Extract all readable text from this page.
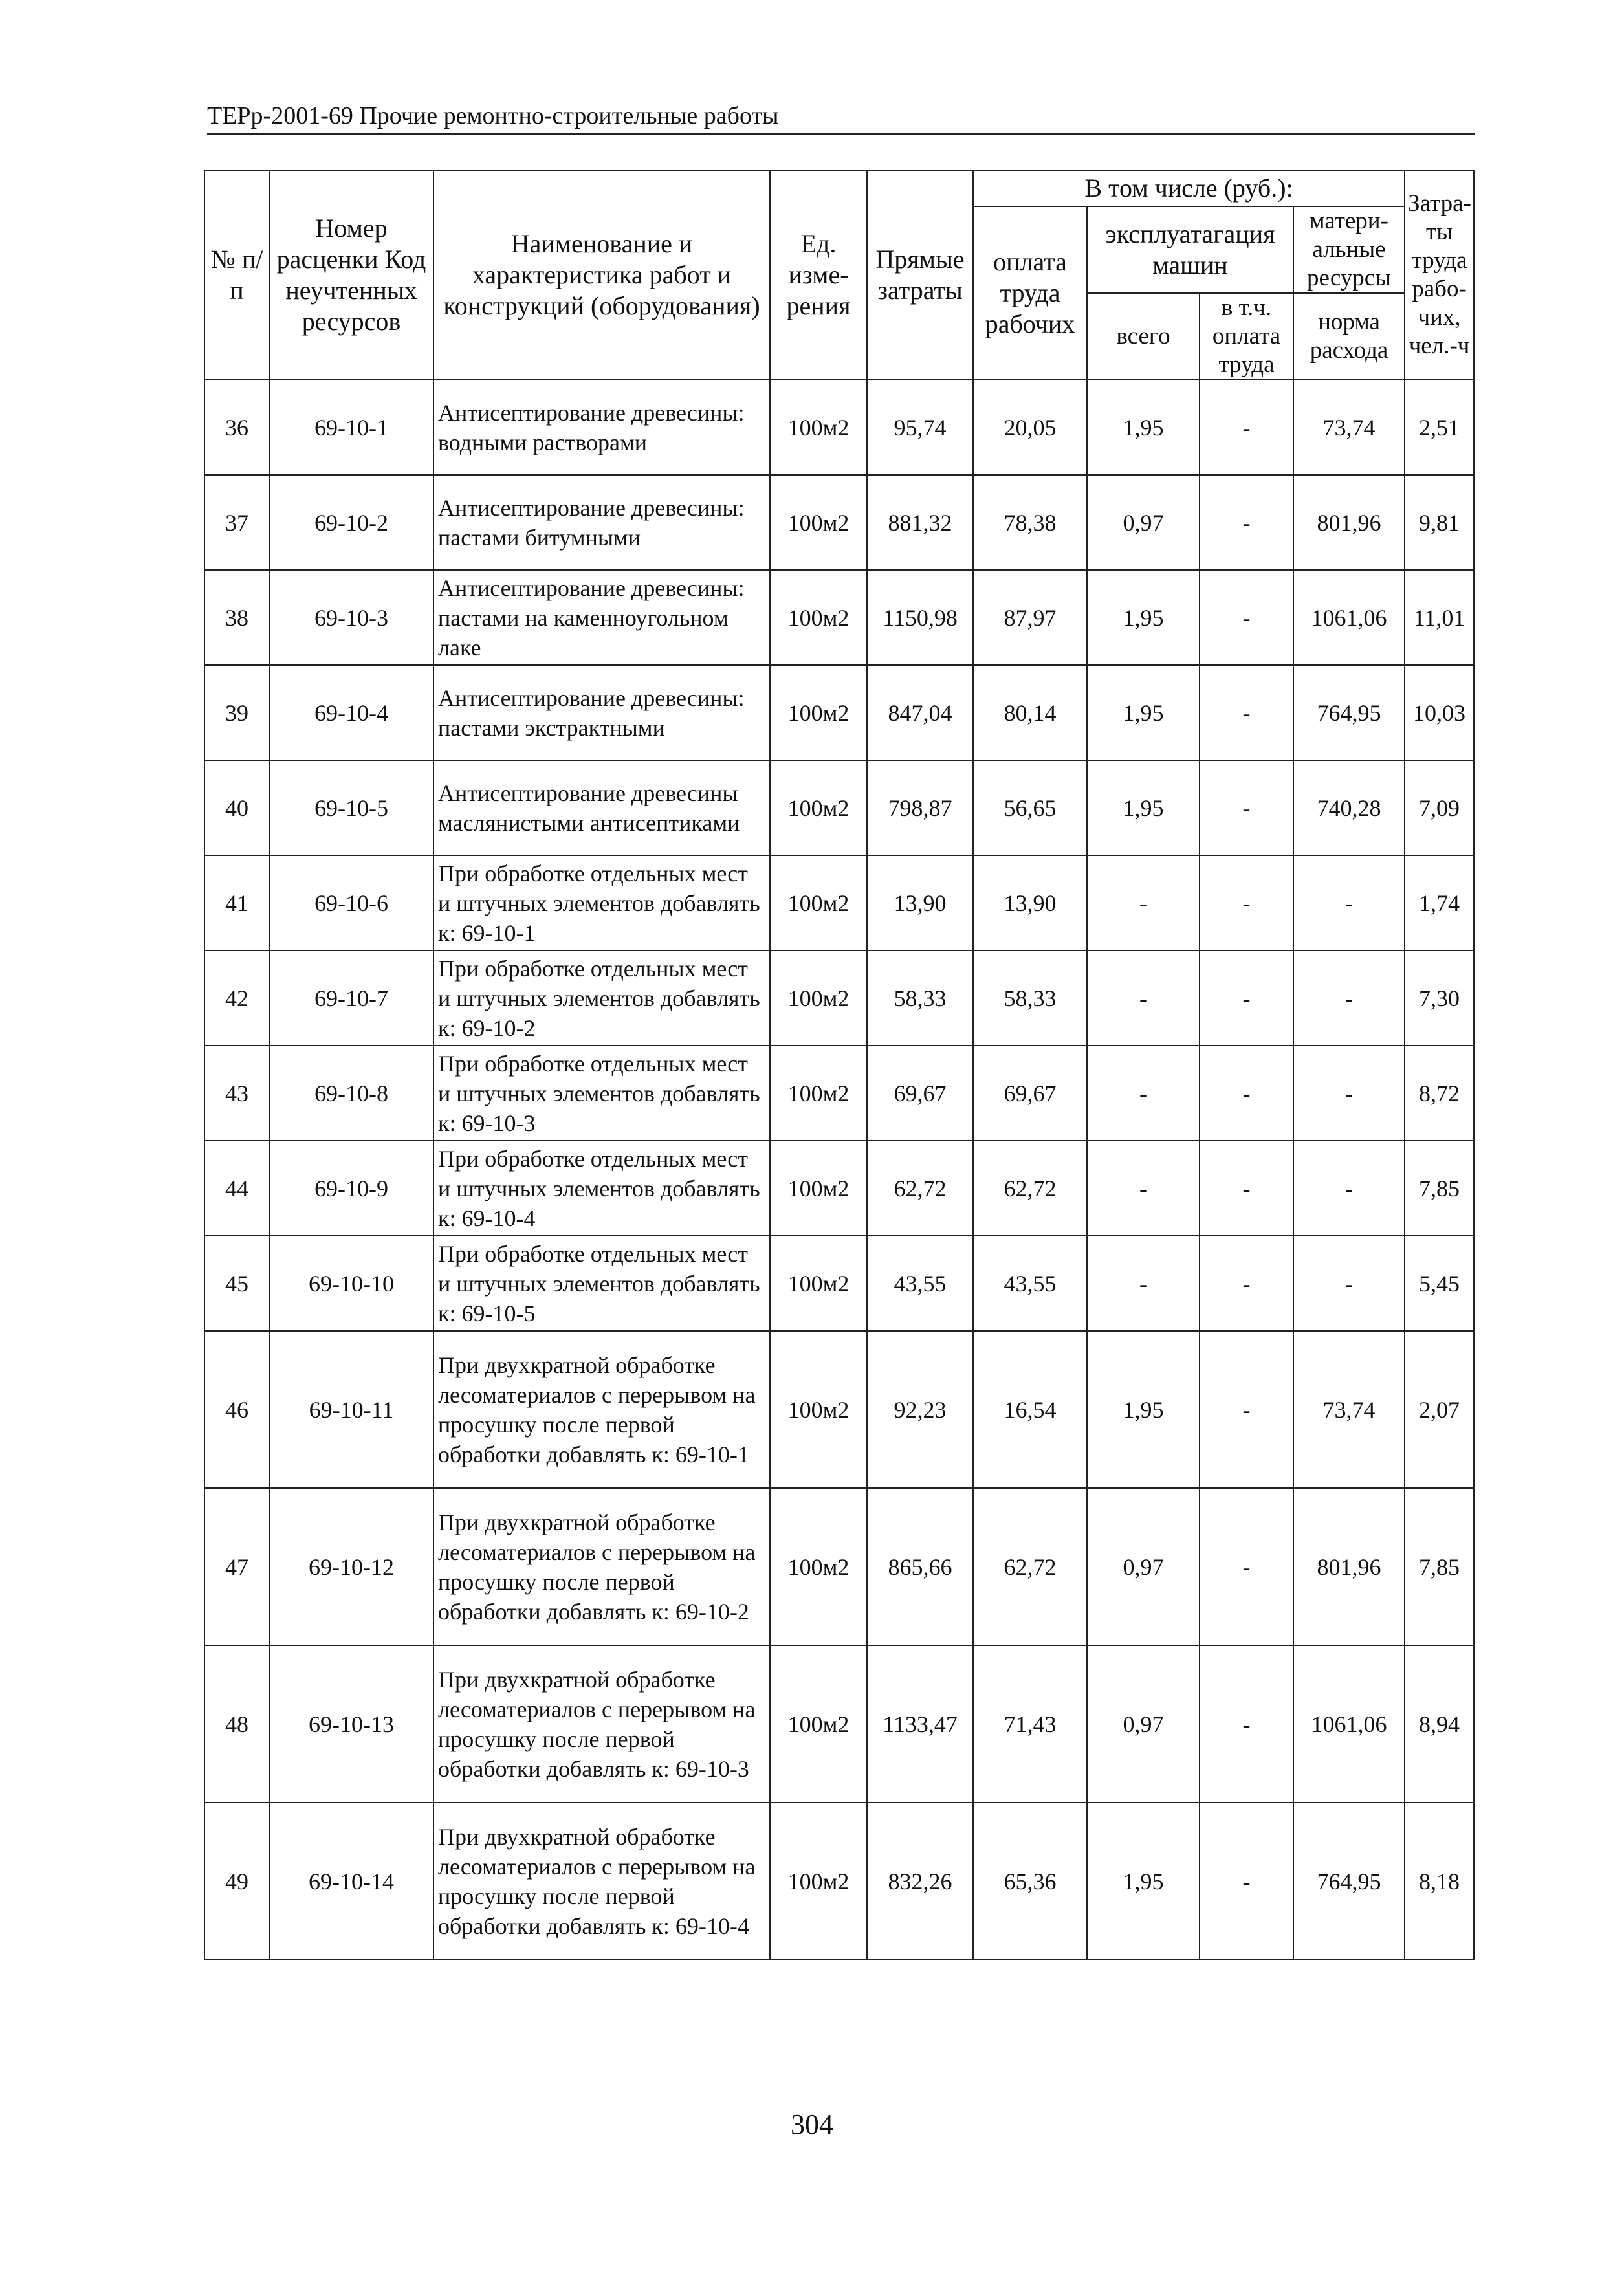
ТЕРр-2001-69 Прочие ремонтно-строительные работы
№ п/п	Номер расценки Код неучтенных ресурсов	Наименование и характеристика работ и конструкций (оборудования)	Ед. изме-рения	Прямые затраты	В том числе (руб.):				Затра-ты труда рабо-чих, чел.-ч
					оплата труда рабочих	эксплуатагация машин		матери-альные ресурсы	
						всего	в т.ч. оплата труда	норма расхода	

36	69-10-1	Антисептирование древесины: водными растворами	100м2	95,74	20,05	1,95	-	73,74	2,51
37	69-10-2	Антисептирование древесины: пастами битумными	100м2	881,32	78,38	0,97	-	801,96	9,81
38	69-10-3	Антисептирование древесины: пастами на каменноугольном лаке	100м2	1150,98	87,97	1,95	-	1061,06	11,01
39	69-10-4	Антисептирование древесины: пастами экстрактными	100м2	847,04	80,14	1,95	-	764,95	10,03
40	69-10-5	Антисептирование древесины маслянистыми антисептиками	100м2	798,87	56,65	1,95	-	740,28	7,09
41	69-10-6	При обработке отдельных мест и штучных элементов добавлять к: 69-10-1	100м2	13,90	13,90	-	-	-	1,74
42	69-10-7	При обработке отдельных мест и штучных элементов добавлять к: 69-10-2	100м2	58,33	58,33	-	-	-	7,30
43	69-10-8	При обработке отдельных мест и штучных элементов добавлять к: 69-10-3	100м2	69,67	69,67	-	-	-	8,72
44	69-10-9	При обработке отдельных мест и штучных элементов добавлять к: 69-10-4	100м2	62,72	62,72	-	-	-	7,85
45	69-10-10	При обработке отдельных мест и штучных элементов добавлять к: 69-10-5	100м2	43,55	43,55	-	-	-	5,45
46	69-10-11	При двухкратной обработке лесоматериалов с перерывом на просушку после первой обработки добавлять к: 69-10-1	100м2	92,23	16,54	1,95	-	73,74	2,07
47	69-10-12	При двухкратной обработке лесоматериалов с перерывом на просушку после первой обработки добавлять к: 69-10-2	100м2	865,66	62,72	0,97	-	801,96	7,85
48	69-10-13	При двухкратной обработке лесоматериалов с перерывом на просушку после первой обработки добавлять к: 69-10-3	100м2	1133,47	71,43	0,97	-	1061,06	8,94
49	69-10-14	При двухкратной обработке лесоматериалов с перерывом на просушку после первой обработки добавлять к: 69-10-4	100м2	832,26	65,36	1,95	-	764,95	8,18
304
